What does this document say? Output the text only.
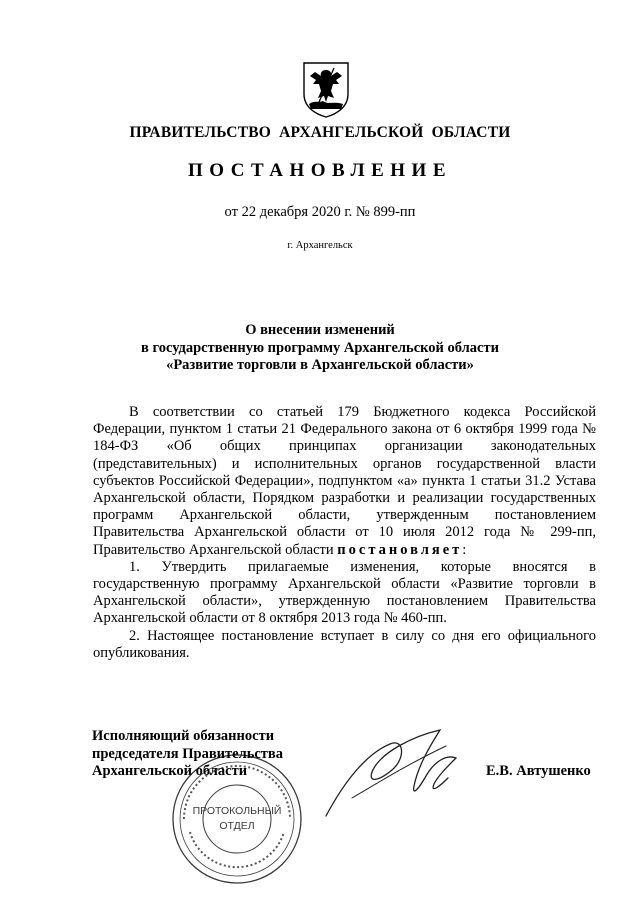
ПРАВИТЕЛЬСТВО АРХАНГЕЛЬСКОЙ ОБЛАСТИ
ПОСТАНОВЛЕНИЕ
от 22 декабря 2020 г. № 899-пп
г. Архангельск
О внесении изменений
в государственную программу Архангельской области
«Развитие торговли в Архангельской области»

В соответствии со статьей 179 Бюджетного кодекса Российской Федерации, пунктом 1 статьи 21 Федерального закона от 6 октября 1999 года № 184-ФЗ «Об общих принципах организации законодательных (представительных) и исполнительных органов государственной власти субъектов Российской Федерации», подпунктом «а» пункта 1 статьи 31.2 Устава Архангельской области, Порядком разработки и реализации государственных программ Архангельской области, утвержденным постановлением Правительства Архангельской области от 10 июля 2012 года № 299-пп, Правительство Архангельской области постановляет:

1. Утвердить прилагаемые изменения, которые вносятся в государственную программу Архангельской области «Развитие торговли в Архангельской области», утвержденную постановлением Правительства Архангельской области от 8 октября 2013 года № 460-пп.

2. Настоящее постановление вступает в силу со дня его официального опубликования.

ПРОТОКОЛЬНЫЙ
ОТДЕЛ
Исполняющий обязанности
председателя Правительства
Архангельской области	Е.В. Автушенко
